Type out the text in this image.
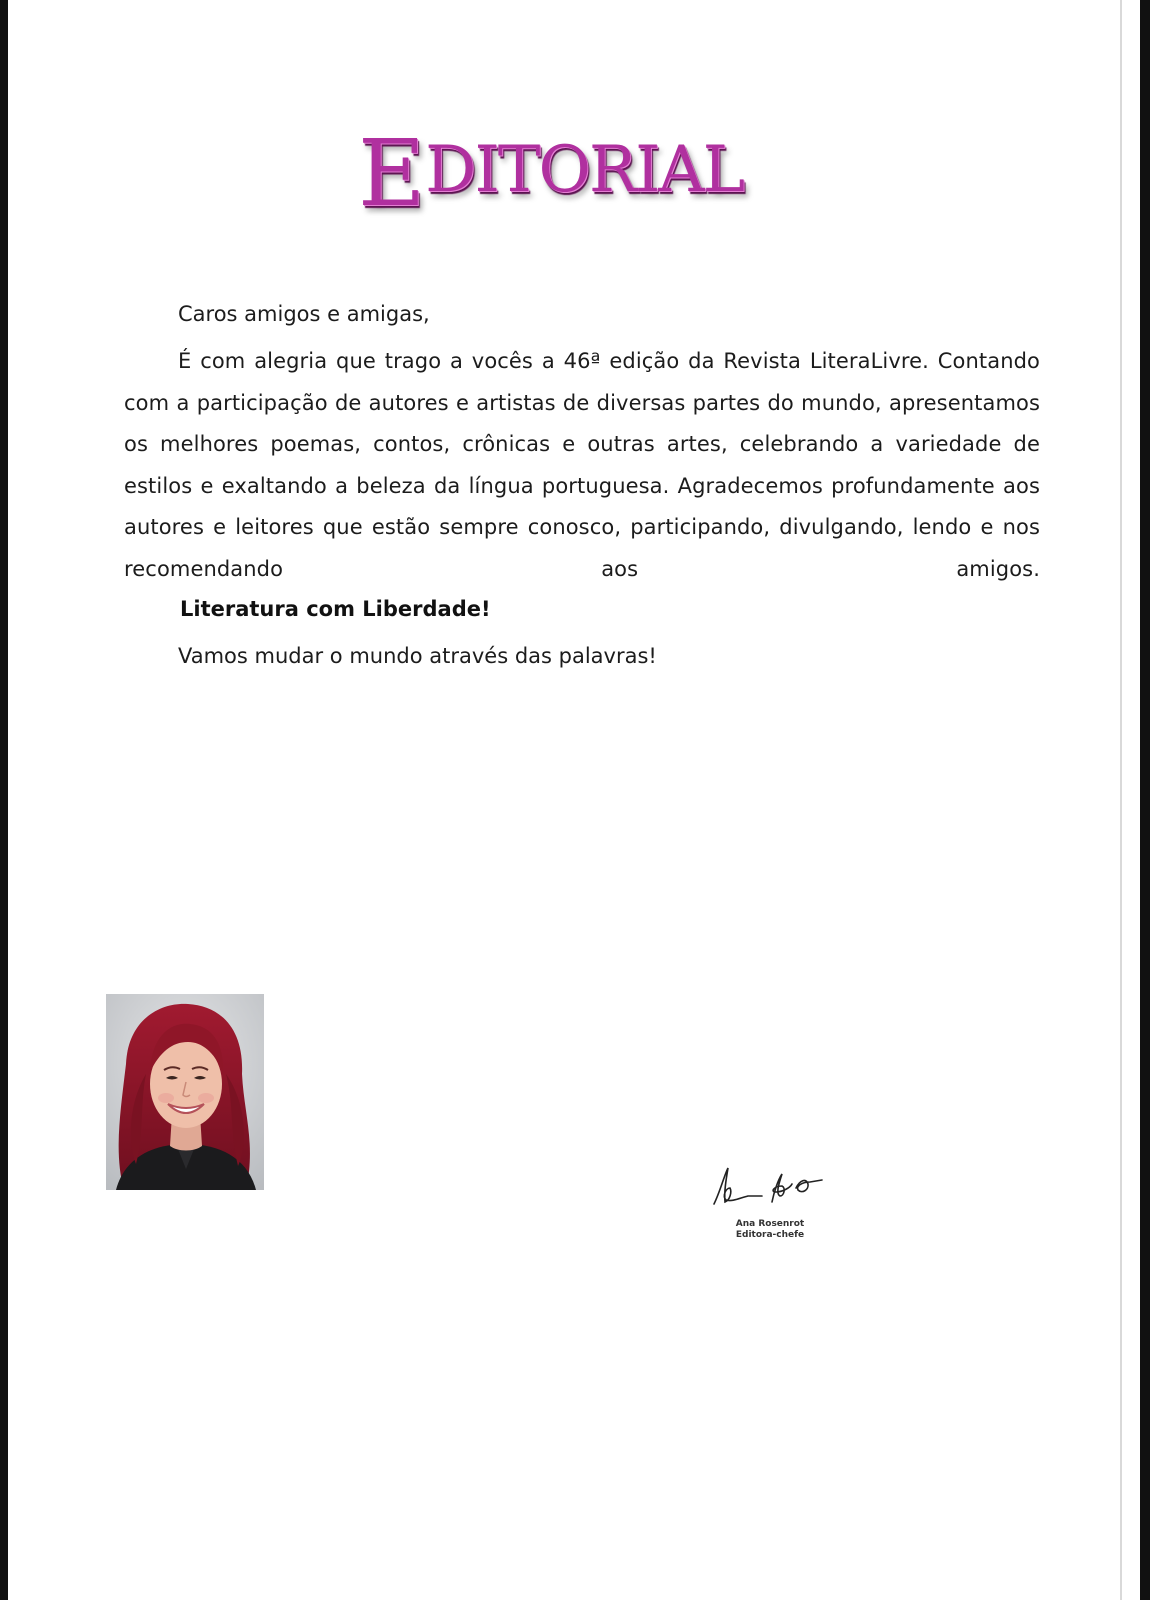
EDITORIAL

Caros amigos e amigas,

É com alegria que trago a vocês a 46ª edição da Revista LiteraLivre. Contando com a participação de autores e artistas de diversas partes do mundo, apresentamos os melhores poemas, contos, crônicas e outras artes, celebrando a variedade de estilos e exaltando a beleza da língua portuguesa. Agradecemos profundamente aos autores e leitores que estão sempre conosco, participando, divulgando, lendo e nos recomendando aos amigos.

Literatura com Liberdade!

Vamos mudar o mundo através das palavras!

Ana Rosenrot
Editora-chefe
